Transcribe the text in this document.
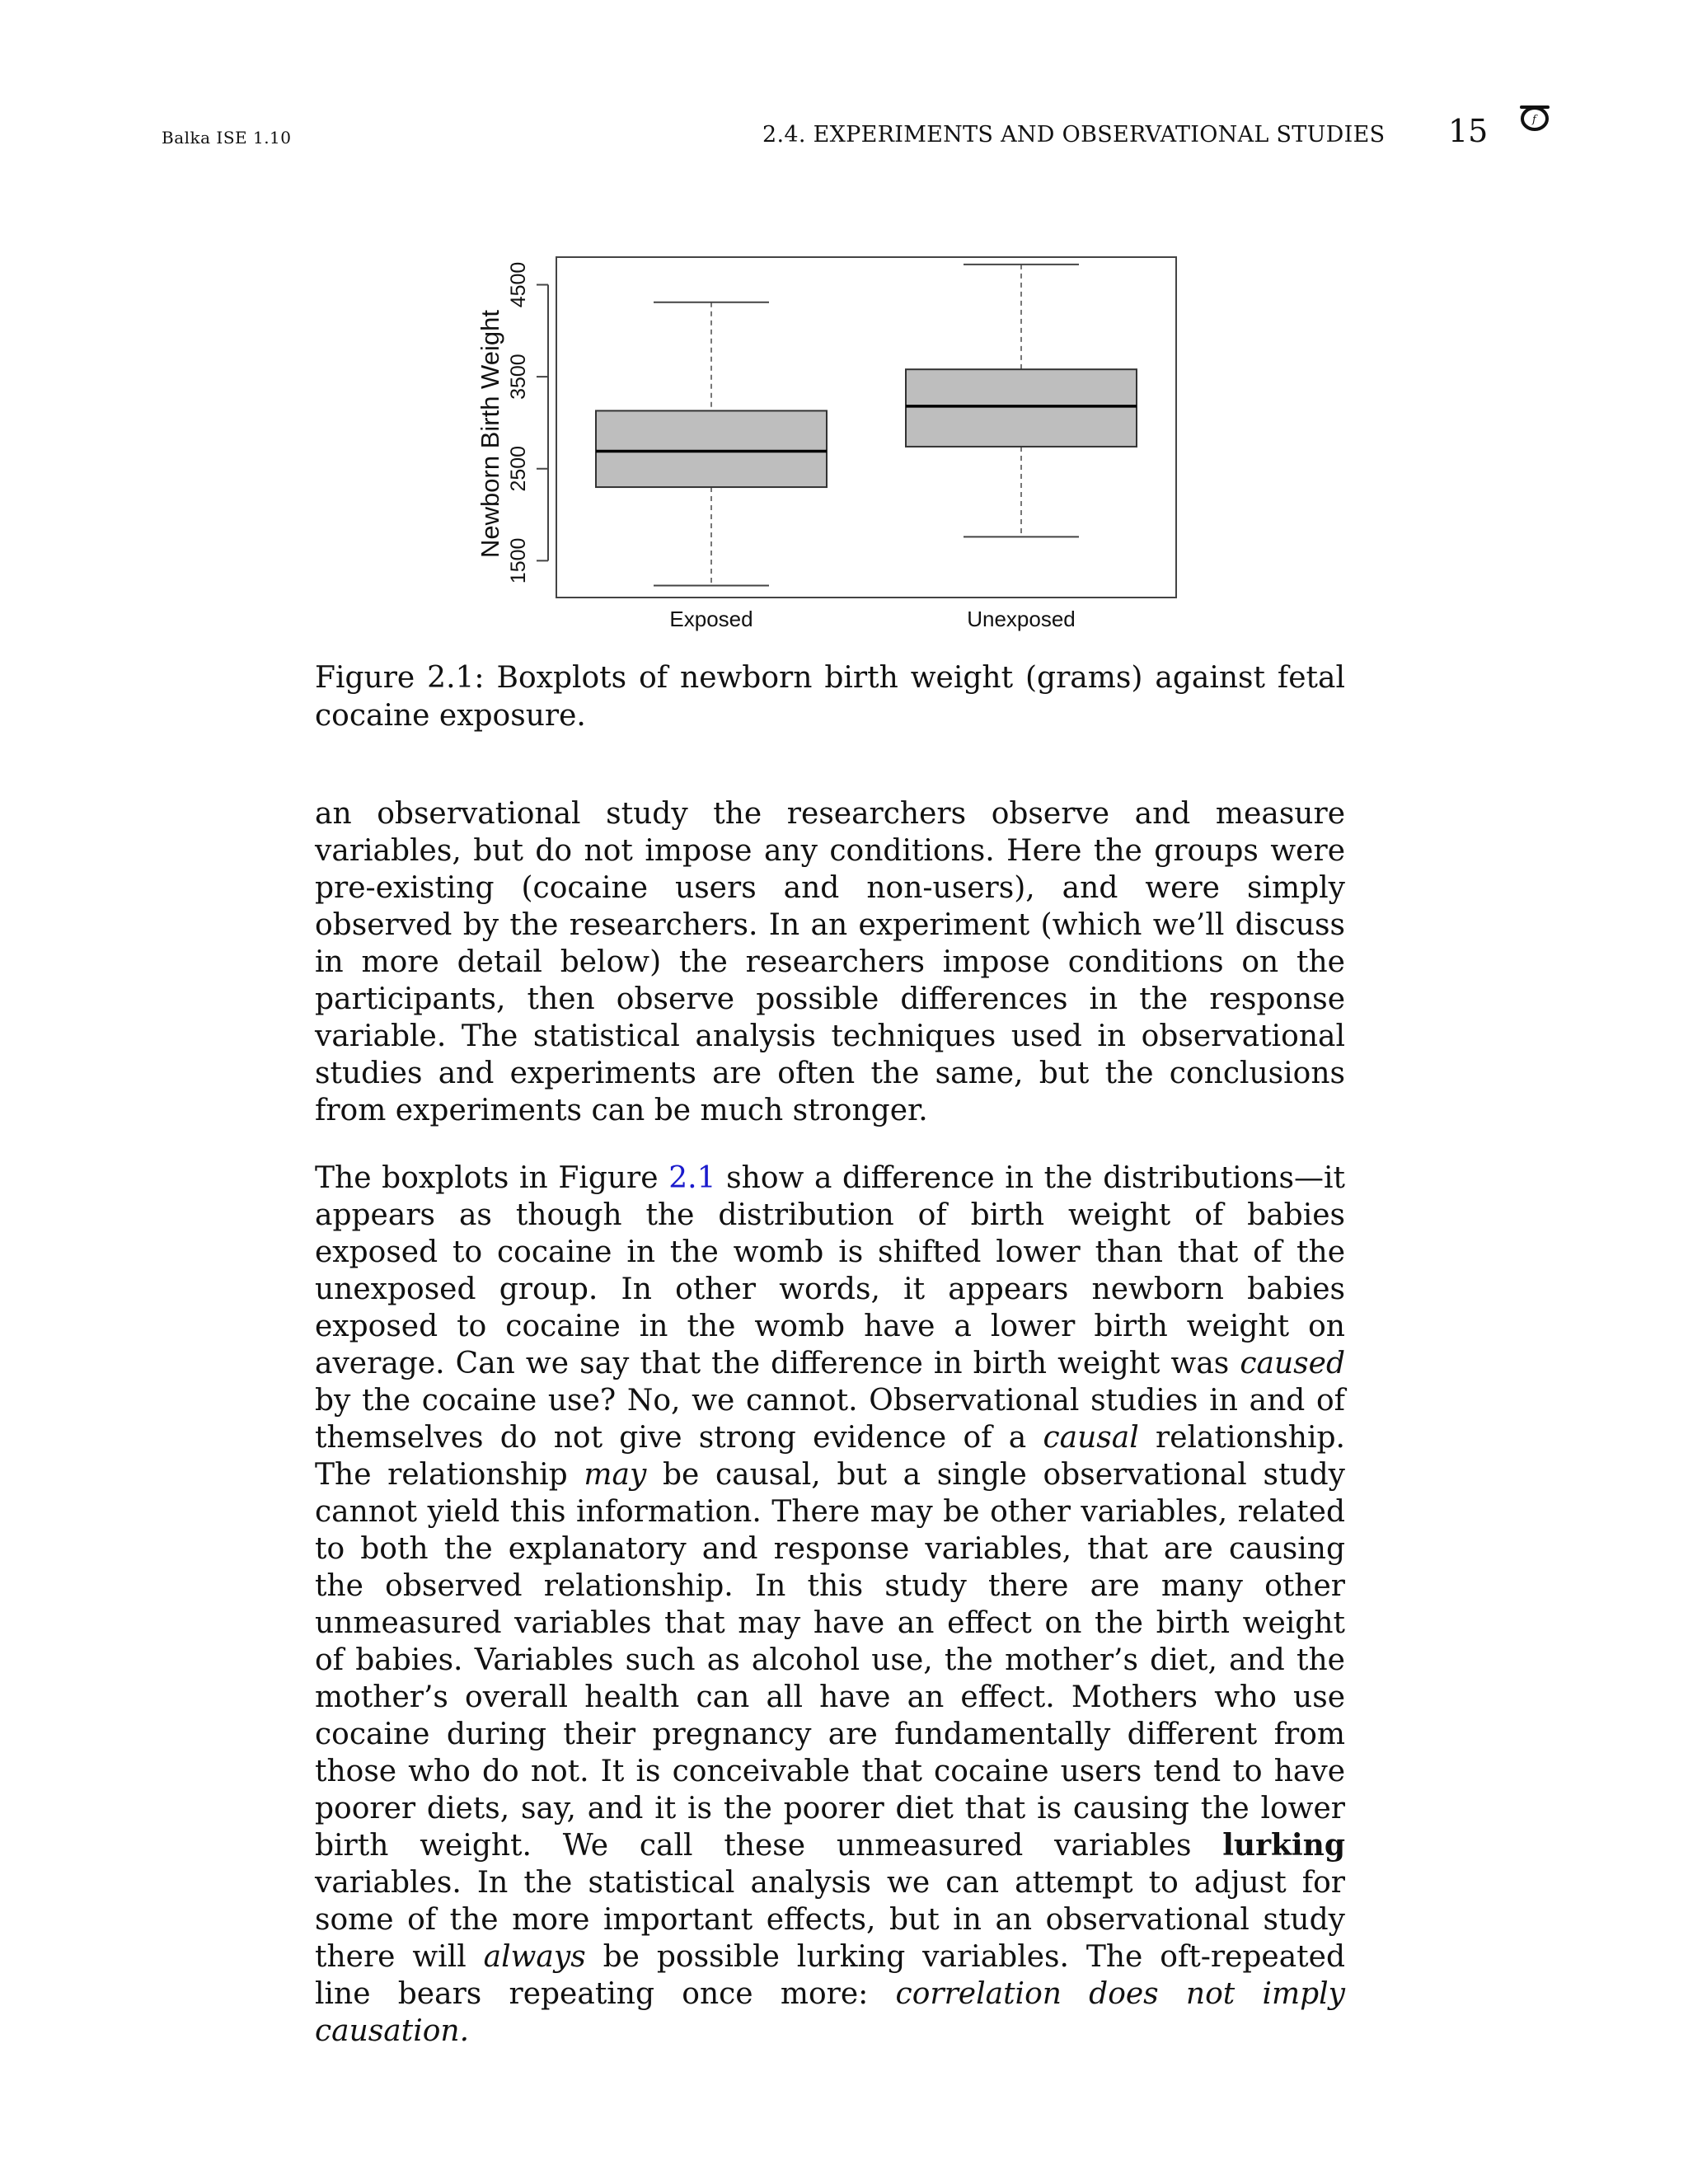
Balka ISE 1.10	2.4. EXPERIMENTS AND OBSERVATIONAL STUDIES 15	f
1500
2500
3500
4500
Newborn Birth Weight
Exposed	Unexposed
Figure 2.1: Boxplots of newborn birth weight (grams) against fetal cocaine exposure.

an observational study the researchers observe and measure variables, but do not impose any conditions. Here the groups were pre-existing (cocaine users and non-users), and were simply observed by the researchers. In an experiment (which we’ll discuss in more detail below) the researchers impose conditions on the participants, then observe possible differences in the response variable. The statistical analysis techniques used in observational studies and experiments are often the same, but the conclusions from experiments can be much stronger.

The boxplots in Figure 2.1 show a difference in the distributions—it appears as though the distribution of birth weight of babies exposed to cocaine in the womb is shifted lower than that of the unexposed group. In other words, it appears newborn babies exposed to cocaine in the womb have a lower birth weight on average. Can we say that the difference in birth weight was caused by the cocaine use? No, we cannot. Observational studies in and of themselves do not give strong evidence of a causal relationship. The relationship may be causal, but a single observational study cannot yield this information. There may be other variables, related to both the explanatory and response variables, that are causing the observed relationship. In this study there are many other unmeasured variables that may have an effect on the birth weight of babies. Variables such as alcohol use, the mother’s diet, and the mother’s overall health can all have an effect. Mothers who use cocaine during their pregnancy are fundamentally different from those who do not. It is conceivable that cocaine users tend to have poorer diets, say, and it is the poorer diet that is causing the lower birth weight. We call these unmeasured variables lurking variables. In the statistical analysis we can attempt to adjust for some of the more important effects, but in an observational study there will always be possible lurking variables. The oft-repeated line bears repeating once more: correlation does not imply causation.
